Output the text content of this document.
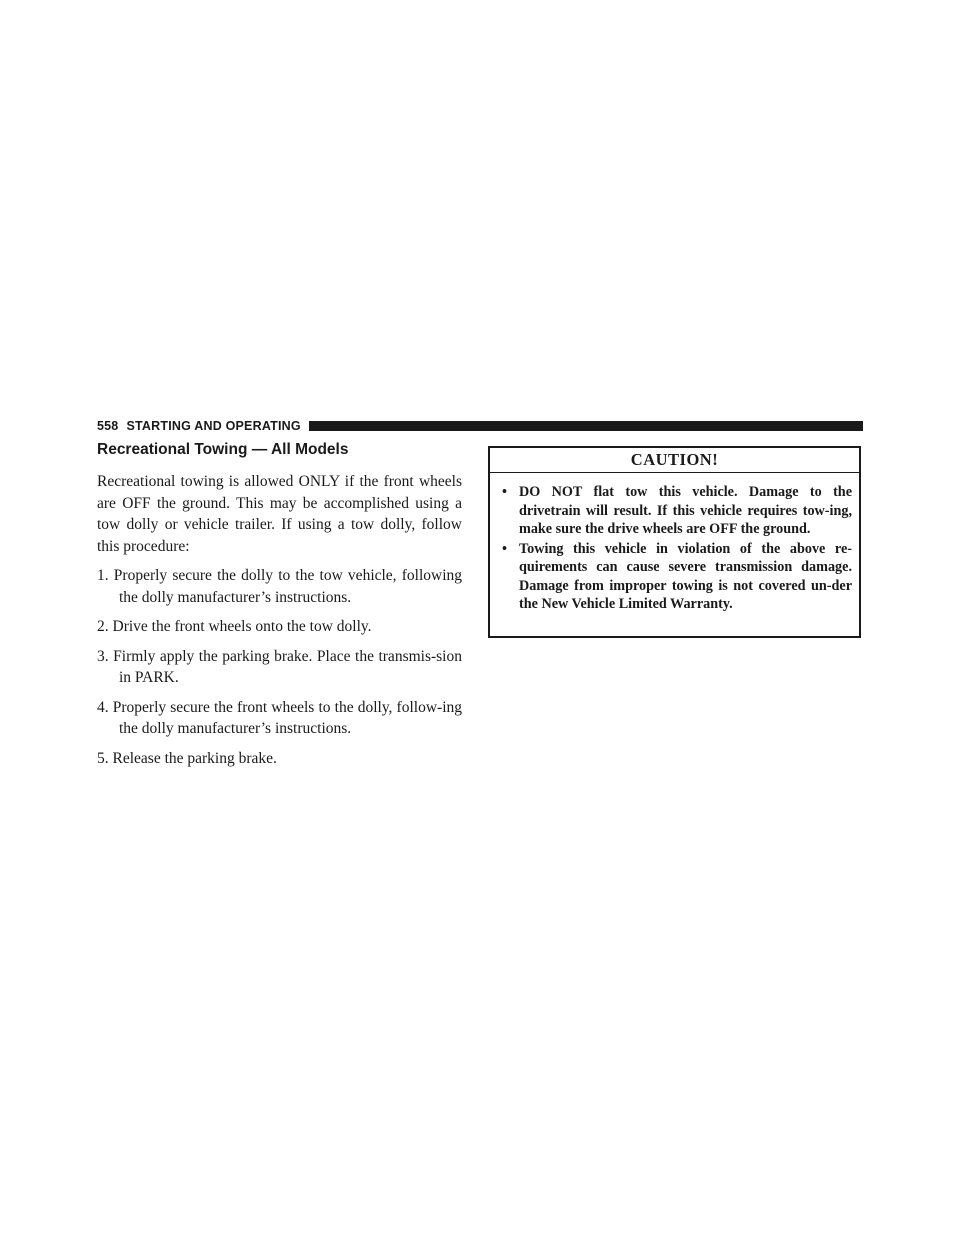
558 STARTING AND OPERATING
Recreational Towing — All Models

Recreational towing is allowed ONLY if the front wheels are OFF the ground. This may be accomplished using a tow dolly or vehicle trailer. If using a tow dolly, follow this procedure:

1. Properly secure the dolly to the tow vehicle, following the dolly manufacturer’s instructions.
2. Drive the front wheels onto the tow dolly.
3. Firmly apply the parking brake. Place the transmis-sion in PARK.
4. Properly secure the front wheels to the dolly, follow-ing the dolly manufacturer’s instructions.
5. Release the parking brake.
CAUTION!
• DO NOT flat tow this vehicle. Damage to the drivetrain will result. If this vehicle requires tow-ing, make sure the drive wheels are OFF the ground.
• Towing this vehicle in violation of the above re-quirements can cause severe transmission damage. Damage from improper towing is not covered un-der the New Vehicle Limited Warranty.
